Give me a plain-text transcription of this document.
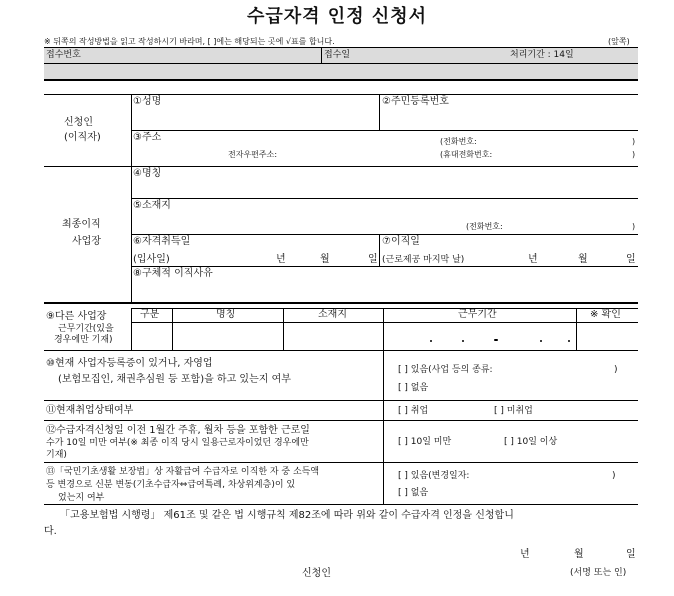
수급자격 인정 신청서
※ 뒤쪽의 작성방법을 읽고 작성하시기 바라며, [ ]에는 해당되는 곳에 √표를 합니다.	(앞쪽)
접수번호	접수일	처리기간 : 14일
신청인
(이직자)
①성명	②주민등록번호
③주소	(전화번호:	)
전자우편주소:	(휴대전화번호:	)
최종이직
사업장
④명칭
⑤소재지
(전화번호:	)
⑥자격취득일
(입사일)	년	월	일
⑦이직일
(근로제공 마지막 날)	년	월	일
⑧구체적 이직사유
⑨다른 사업장
근무기간(있을
경우에만 기재)
구분	명칭	소재지	근무기간	※ 확인
⑩현재 사업자등록증이 있거나, 자영업
(보험모집인, 채권추심원 등 포함)을 하고 있는지 여부
[ ] 있음(사업 등의 종류:	)
[ ] 없음
⑪현재취업상태여부	[ ] 취업	[ ] 미취업
⑫수급자격신청일 이전 1월간 주휴, 월차 등을 포함한 근로일
수가 10일 미만 여부(※ 최종 이직 당시 일용근로자이었던 경우에만
기재)
[ ] 10일 미만	[ ] 10일 이상
⑬「국민기초생활 보장법」상 자활급여 수급자로 이직한 자 중 소득액
등 변경으로 신분 변동(기초수급자⇔급여특례, 차상위계층)이 있
었는지 여부
[ ] 있음(변경일자:	)
[ ] 없음
「고용보험법 시행령」 제61조 및 같은 법 시행규칙 제82조에 따라 위와 같이 수급자격 인정을 신청합니
다.
년	월	일
신청인	(서명 또는 인)
